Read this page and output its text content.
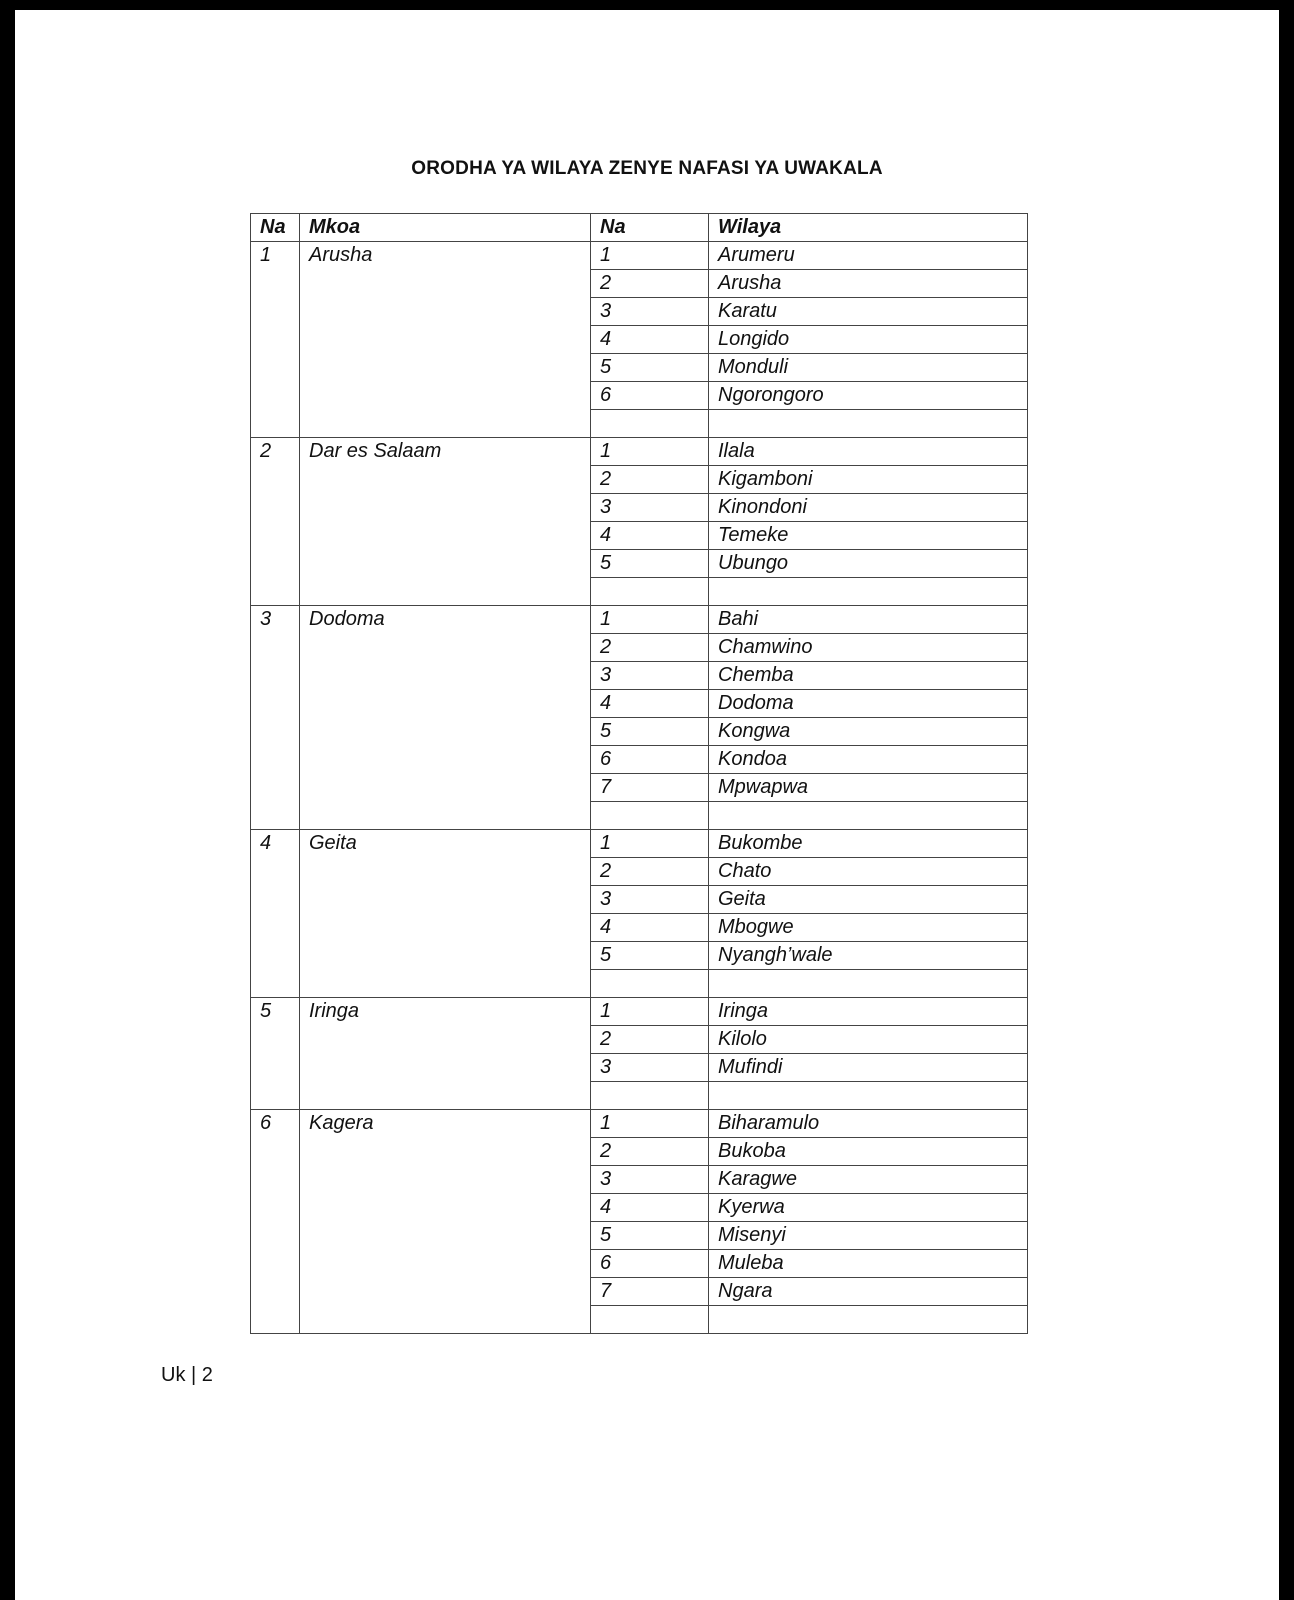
ORODHA YA WILAYA ZENYE NAFASI YA UWAKALA
Na	Mkoa	Na	Wilaya
1	Arusha	1	Arumeru
		2	Arusha
		3	Karatu
		4	Longido
		5	Monduli
		6	Ngorongoro

2	Dar es Salaam	1	Ilala
		2	Kigamboni
		3	Kinondoni
		4	Temeke
		5	Ubungo

3	Dodoma	1	Bahi
		2	Chamwino
		3	Chemba
		4	Dodoma
		5	Kongwa
		6	Kondoa
		7	Mpwapwa

4	Geita	1	Bukombe
		2	Chato
		3	Geita
		4	Mbogwe
		5	Nyangh’wale

5	Iringa	1	Iringa
		2	Kilolo
		3	Mufindi

6	Kagera	1	Biharamulo
		2	Bukoba
		3	Karagwe
		4	Kyerwa
		5	Misenyi
		6	Muleba
		7	Ngara

Uk | 2
